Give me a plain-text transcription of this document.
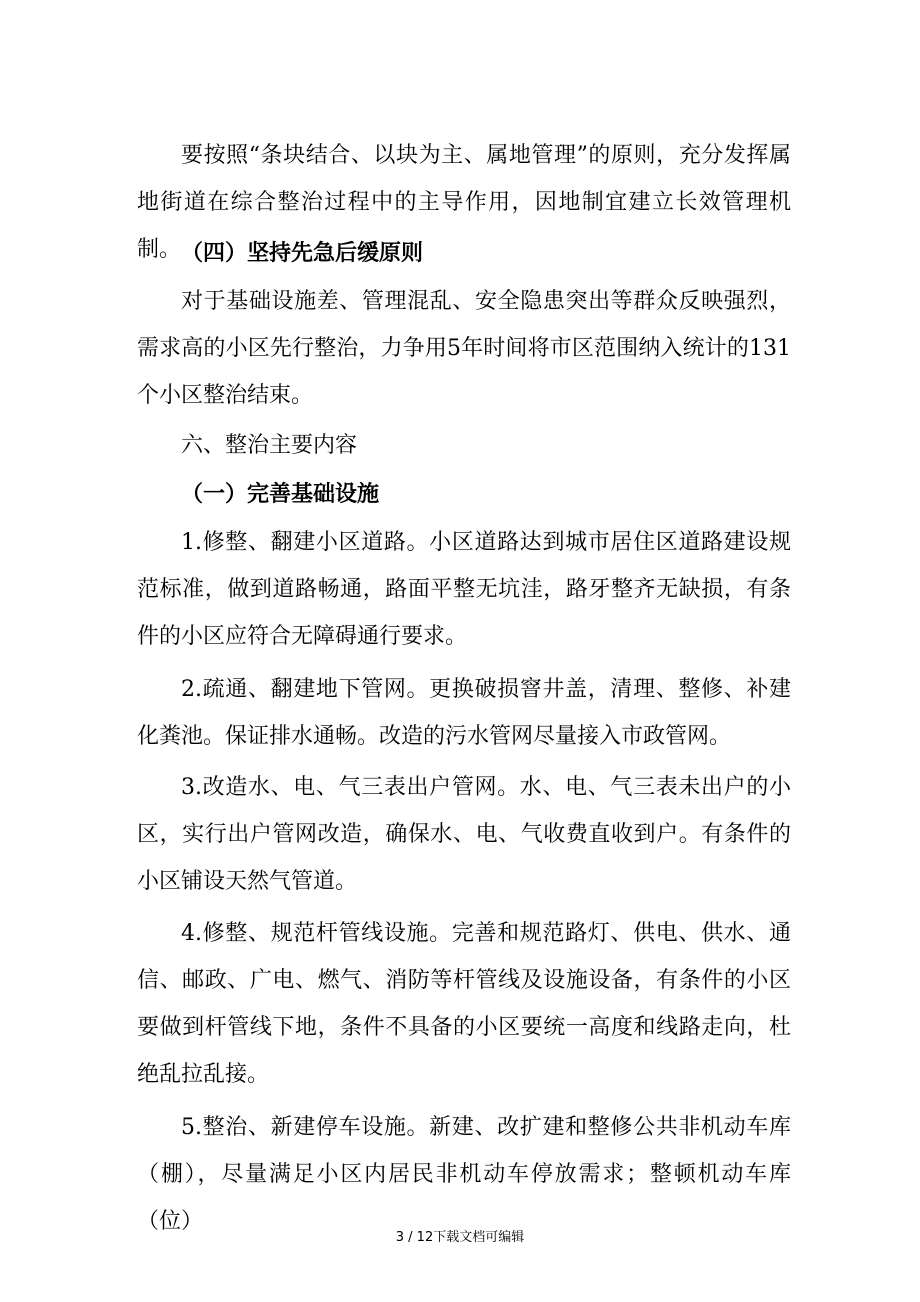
要按照“条块结合、以块为主、属地管理”的原则，充分发挥属地街道在综合整治过程中的主导作用，因地制宜建立长效管理机制。 （四）坚持先急后缓原则

对于基础设施差、管理混乱、安全隐患突出等群众反映强烈，需求高的小区先行整治，力争用5年时间将市区范围纳入统计的131个小区整治结束。

六、整治主要内容

（一）完善基础设施

1.修整、翻建小区道路。小区道路达到城市居住区道路建设规范标准，做到道路畅通，路面平整无坑洼，路牙整齐无缺损，有条件的小区应符合无障碍通行要求。

2.疏通、翻建地下管网。更换破损窨井盖，清理、整修、补建化粪池。保证排水通畅。改造的污水管网尽量接入市政管网。

3.改造水、电、气三表出户管网。水、电、气三表未出户的小区，实行出户管网改造，确保水、电、气收费直收到户。有条件的小区铺设天然气管道。

4.修整、规范杆管线设施。完善和规范路灯、供电、供水、通信、邮政、广电、燃气、消防等杆管线及设施设备，有条件的小区要做到杆管线下地，条件不具备的小区要统一高度和线路走向，杜绝乱拉乱接。

5.整治、新建停车设施。新建、改扩建和整修公共非机动车库（棚），尽量满足小区内居民非机动车停放需求；整顿机动车库（位）

3 / 12下载文档可编辑
